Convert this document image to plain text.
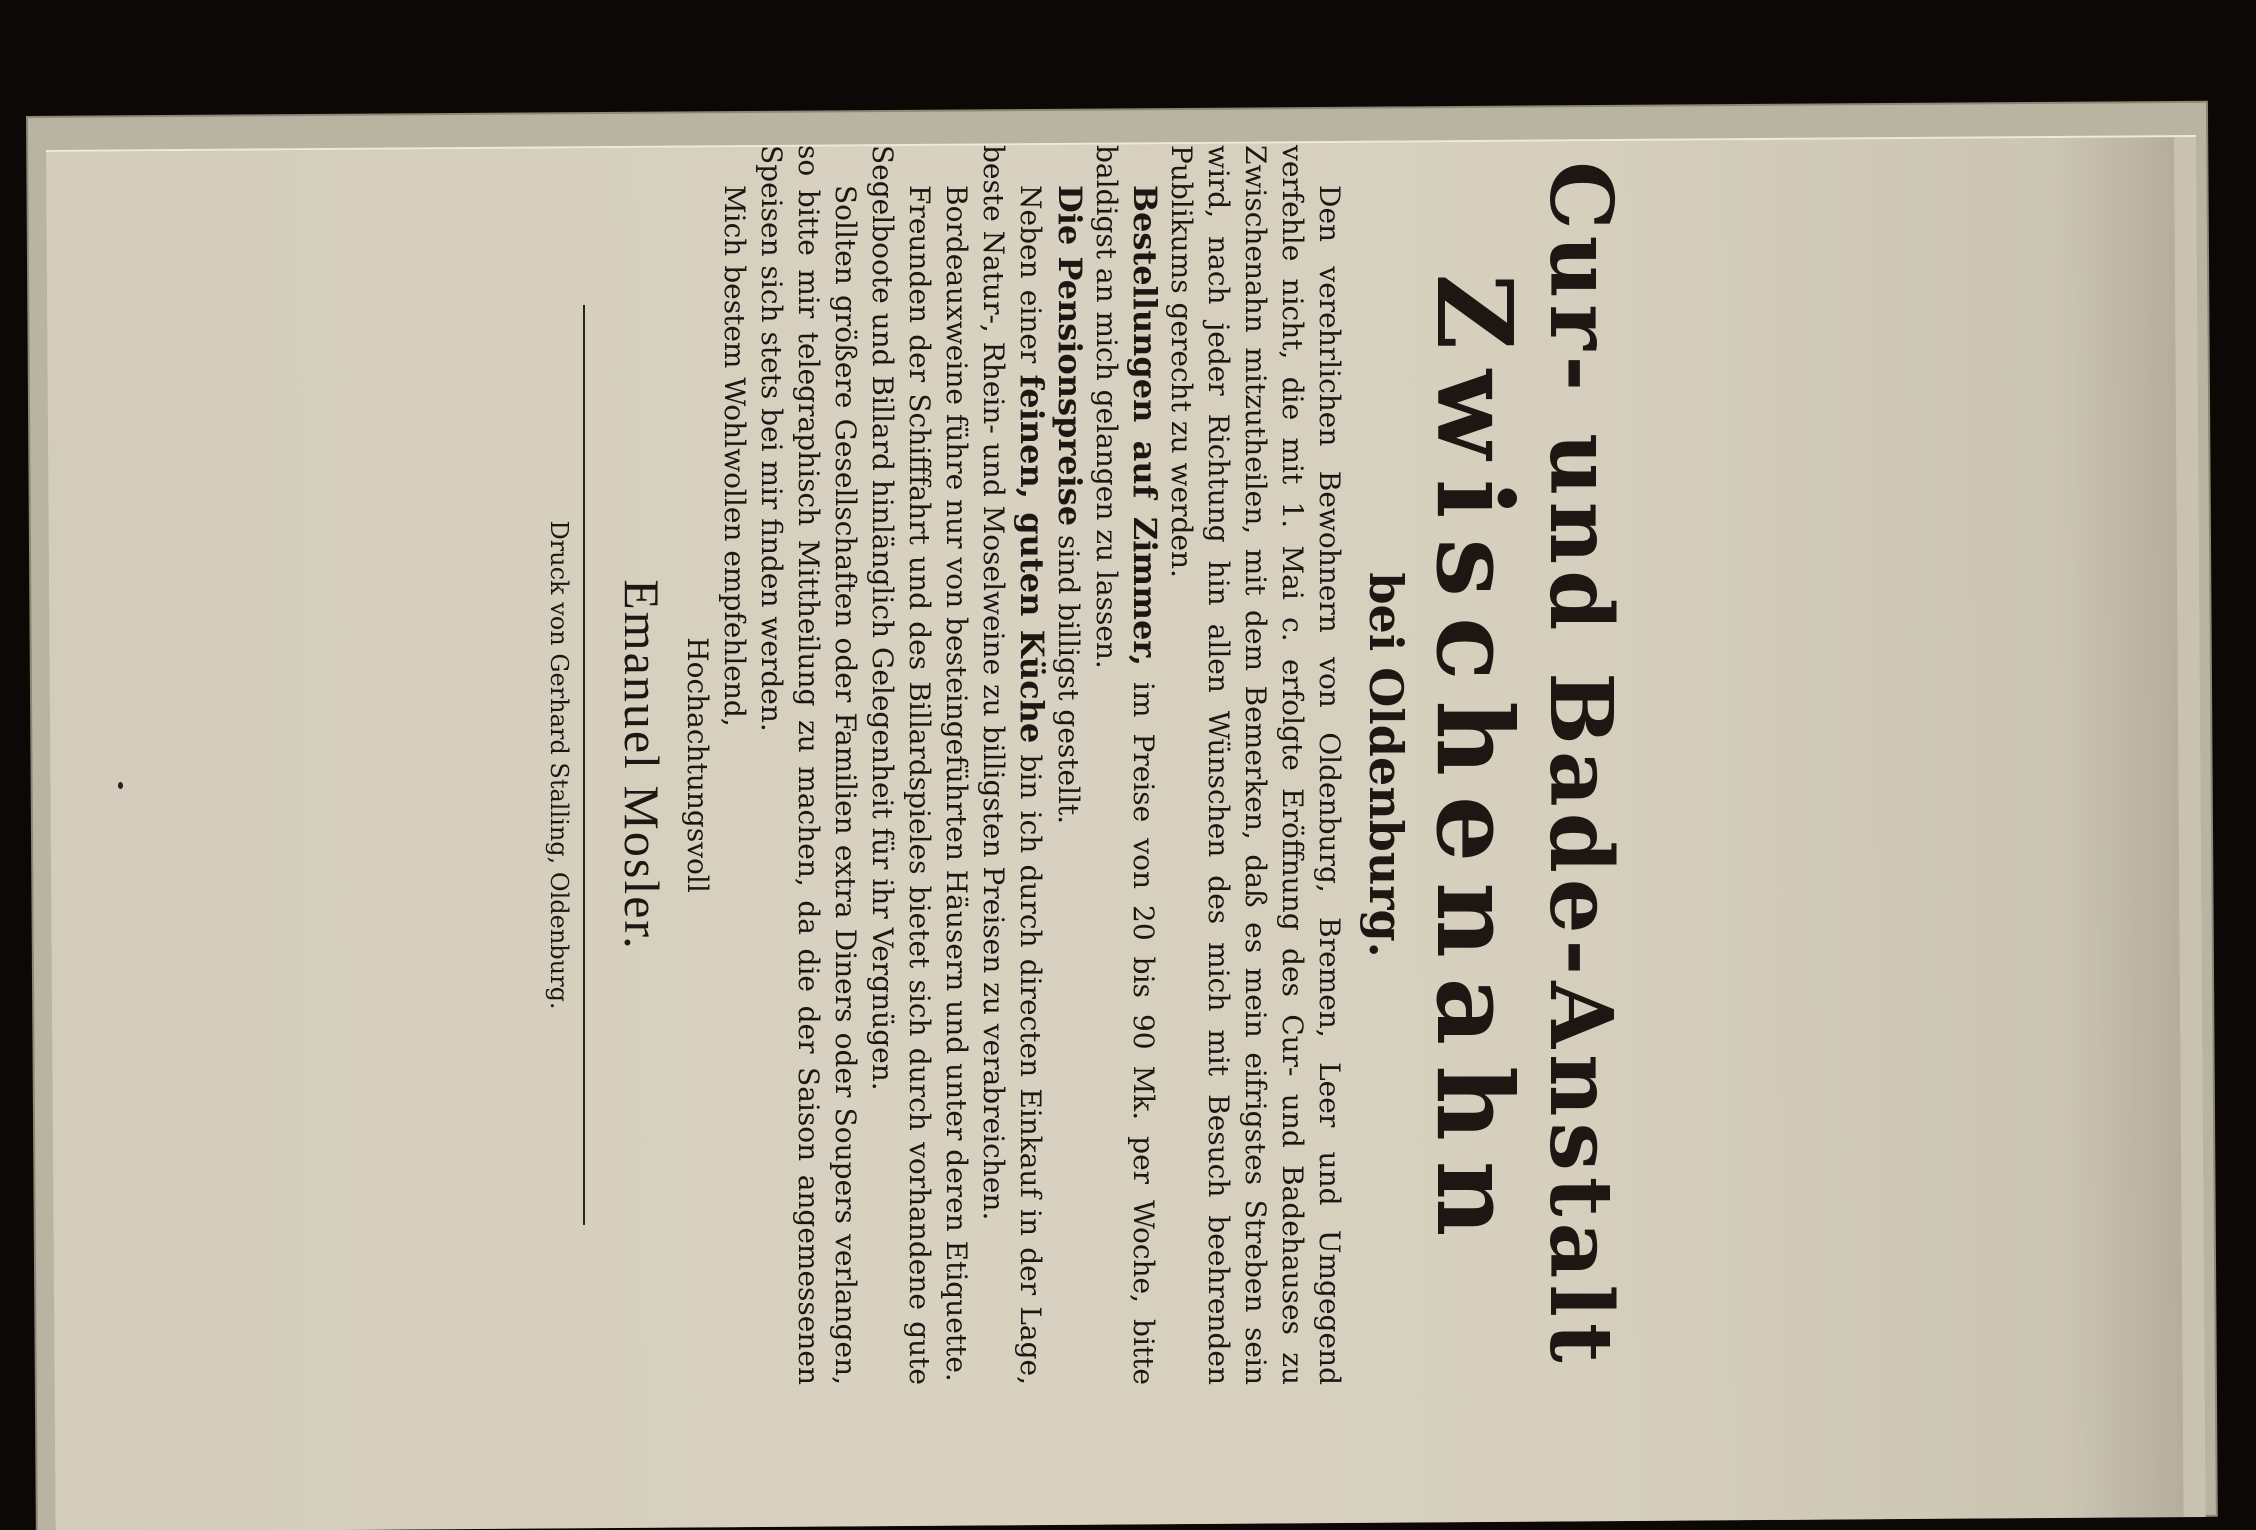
Cur- und Bade-Anstalt

Zwischenahn

bei Oldenburg.

Den verehrlichen Bewohnern von Oldenburg, Bremen, Leer und Umgegend verfehle nicht, die mit 1. Mai c. erfolgte Eröffnung des Cur- und Badehauses zu Zwischenahn mitzutheilen, mit dem Bemerken, daß es mein eifrigstes Streben sein wird, nach jeder Richtung hin allen Wünschen des mich mit Besuch beehrenden Publikums gerecht zu werden.

Bestellungen auf Zimmer, im Preise von 20 bis 90 Mk. per Woche, bitte baldigst an mich gelangen zu lassen.

Die Pensionspreise sind billigst gestellt.

Neben einer feinen, guten Küche bin ich durch directen Einkauf in der Lage, beste Natur-, Rhein- und Moselweine zu billigsten Preisen zu verabreichen.

Bordeauxweine führe nur von besteingeführten Häusern und unter deren Etiquette.

Freunden der Schifffahrt und des Billardspieles bietet sich durch vorhandene gute Segelboote und Billard hinlänglich Gelegenheit für ihr Vergnügen.

Sollten größere Gesellschaften oder Familien extra Diners oder Soupers verlangen, so bitte mir telegraphisch Mittheilung zu machen, da die der Saison angemessenen Speisen sich stets bei mir finden werden.

Mich bestem Wohlwollen empfehlend,

Hochachtungsvoll

Emanuel Mosler.

Druck von Gerhard Stalling, Oldenburg.
